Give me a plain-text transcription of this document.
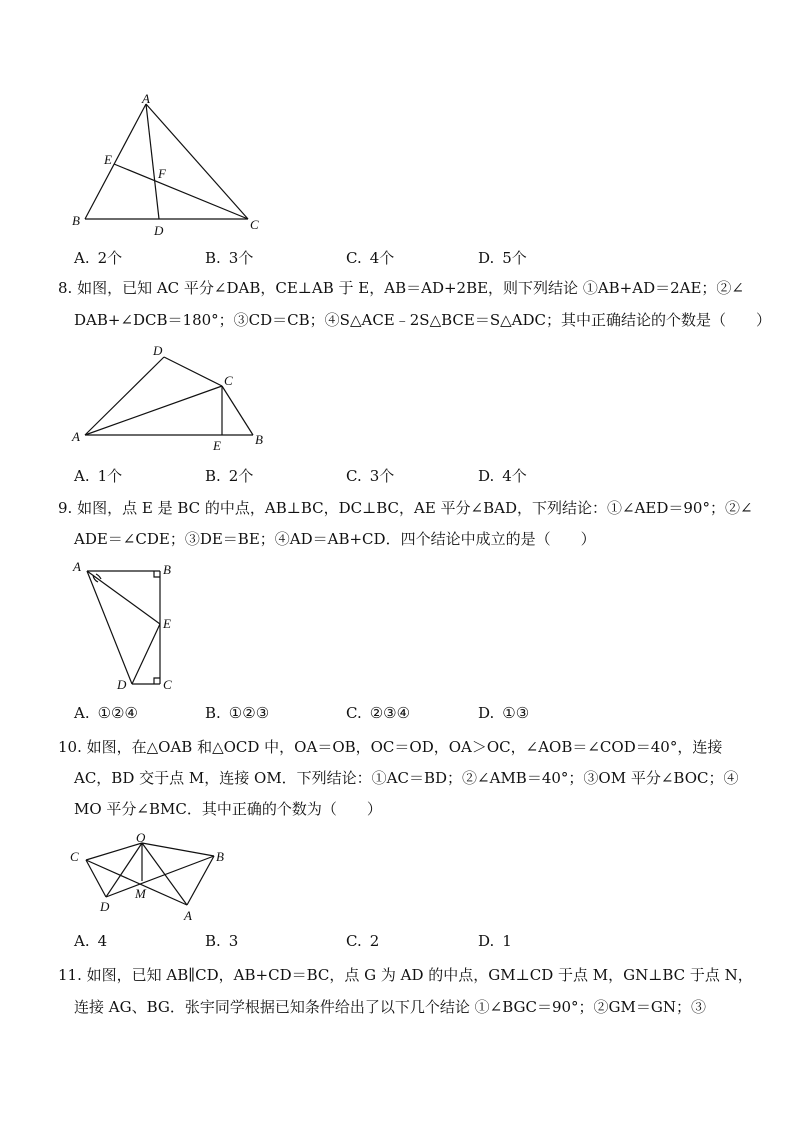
A
B	C
D
E
F
A. 2个	B. 3个	C. 4个	D. 5个
8. 如图，已知 AC 平分∠DAB，CE⊥AB 于 E，AB＝AD+2BE，则下列结论 ①AB+AD＝2AE；②∠
DAB+∠DCB＝180°；③CD＝CB；④S△ACE﹣2S△BCE＝S△ADC；其中正确结论的个数是（　　）
A	B
C
D
E
A. 1个	B. 2个	C. 3个	D. 4个
9. 如图，点 E 是 BC 的中点，AB⊥BC，DC⊥BC，AE 平分∠BAD，下列结论：①∠AED＝90°；②∠
ADE＝∠CDE；③DE＝BE；④AD＝AB+CD．四个结论中成立的是（　　）
A	B
E
C
D
A. ①②④	B. ①②③	C. ②③④	D. ①③
10. 如图，在△OAB 和△OCD 中，OA＝OB，OC＝OD，OA＞OC，∠AOB＝∠COD＝40°，连接
AC，BD 交于点 M，连接 OM．下列结论：①AC＝BD；②∠AMB＝40°；③OM 平分∠BOC；④
MO 平分∠BMC．其中正确的个数为（　　）
O
C	B
D
M
A
A. 4	B. 3	C. 2	D. 1
11. 如图，已知 AB∥CD，AB+CD＝BC，点 G 为 AD 的中点，GM⊥CD 于点 M，GN⊥BC 于点 N，
连接 AG、BG．张宇同学根据已知条件给出了以下几个结论 ①∠BGC＝90°；②GM＝GN；③
